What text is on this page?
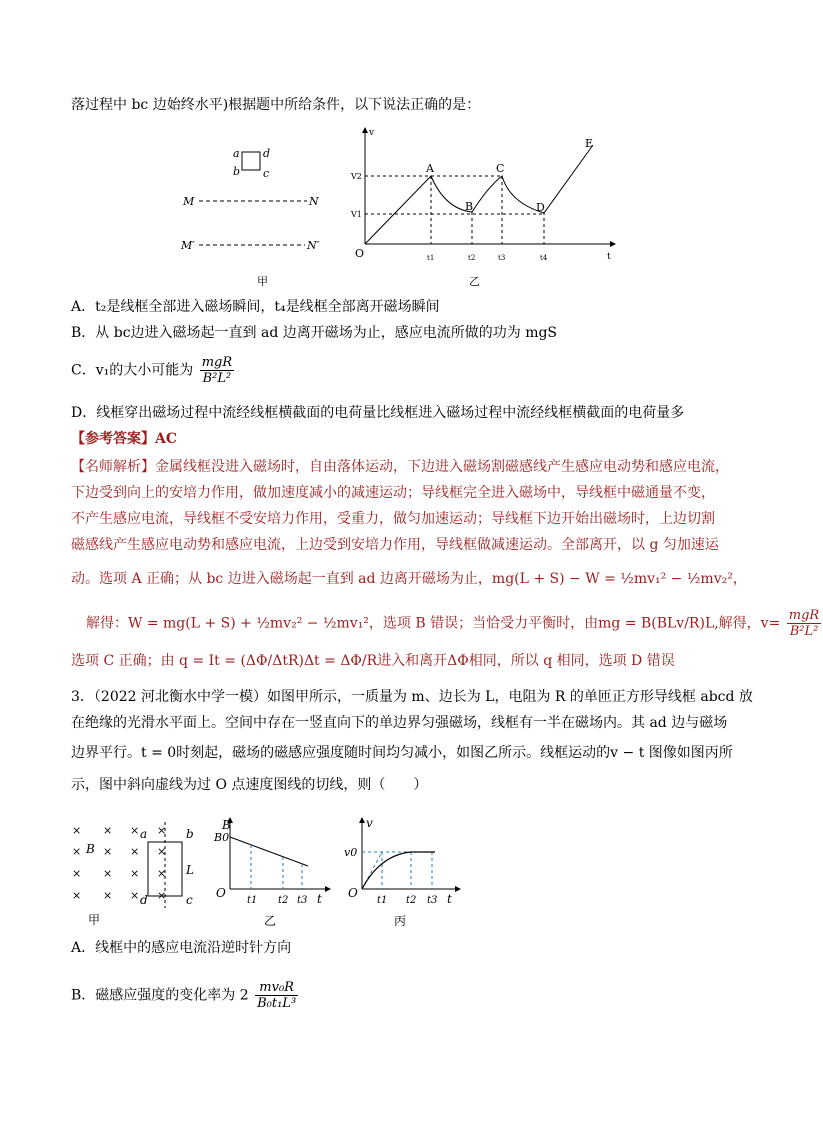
落过程中 bc 边始终水平)根据题中所给条件，以下说法正确的是：
a d
b c
M	N
M′	N′
甲
v
t
O
V2
V1
t1	t2	t3	t4
A
B
C
D
E
乙
A．t₂是线框全部进入磁场瞬间，t₄是线框全部离开磁场瞬间
B．从 bc边进入磁场起一直到 ad 边离开磁场为止，感应电流所做的功为 mgS
C．v₁的大小可能为 $\frac{\text{mgR}}{\text{B²L²}}$
D．线框穿出磁场过程中流经线框横截面的电荷量比线框进入磁场过程中流经线框横截面的电荷量多
【参考答案】AC
【名师解析】金属线框没进入磁场时，自由落体运动，下边进入磁场割磁感线产生感应电动势和感应电流，
下边受到向上的安培力作用，做加速度减小的减速运动；导线框完全进入磁场中，导线框中磁通量不变，
不产生感应电流，导线框不受安培力作用，受重力，做匀加速运动；导线框下边开始出磁场时，上边切割
磁感线产生感应电动势和感应电流，上边受到安培力作用，导线框做减速运动。全部离开，以 g 匀加速运
动。选项 A 正确；从 bc 边进入磁场起一直到 ad 边离开磁场为止，mg(L + S) − W = ½mv₁² − ½mv₂²，
解得：W = mg(L + S) + ½mv₂² − ½mv₁²，选项 B 错误；当恰受力平衡时，由mg = B(BLv/R)L,解得，$v= \frac{\text{mgR}}{\text{B²L²}}$
选项 C 正确；由 q = It = (ΔΦ/ΔtR)Δt = ΔΦ/R进入和离开ΔΦ相同，所以 q 相同，选项 D 错误
3．（2022 河北衡水中学一模）如图甲所示，一质量为 m、边长为 L，电阻为 R 的单匝正方形导线框 abcd 放
在绝缘的光滑水平面上。空间中存在一竖直向下的单边界匀强磁场，线框有一半在磁场内。其 ad 边与磁场
边界平行。t = 0时刻起，磁场的磁感应强度随时间均匀减小，如图乙所示。线框运动的v − t 图像如图丙所
示，图中斜向虚线为过 O 点速度图线的切线，则（　　）
× × × ×
× × ×
× × × ×
× × × ×
× B
a	b
L
d	c
甲
B
B0
O	t
t1 t2 t3
乙
v
v0
O	t
t1 t2 t3
丙
A．线框中的感应电流沿逆时针方向
B．磁感应强度的变化率为 $2 \frac{\text{mv₀R}}{\text{B₀t₁L³}}$
